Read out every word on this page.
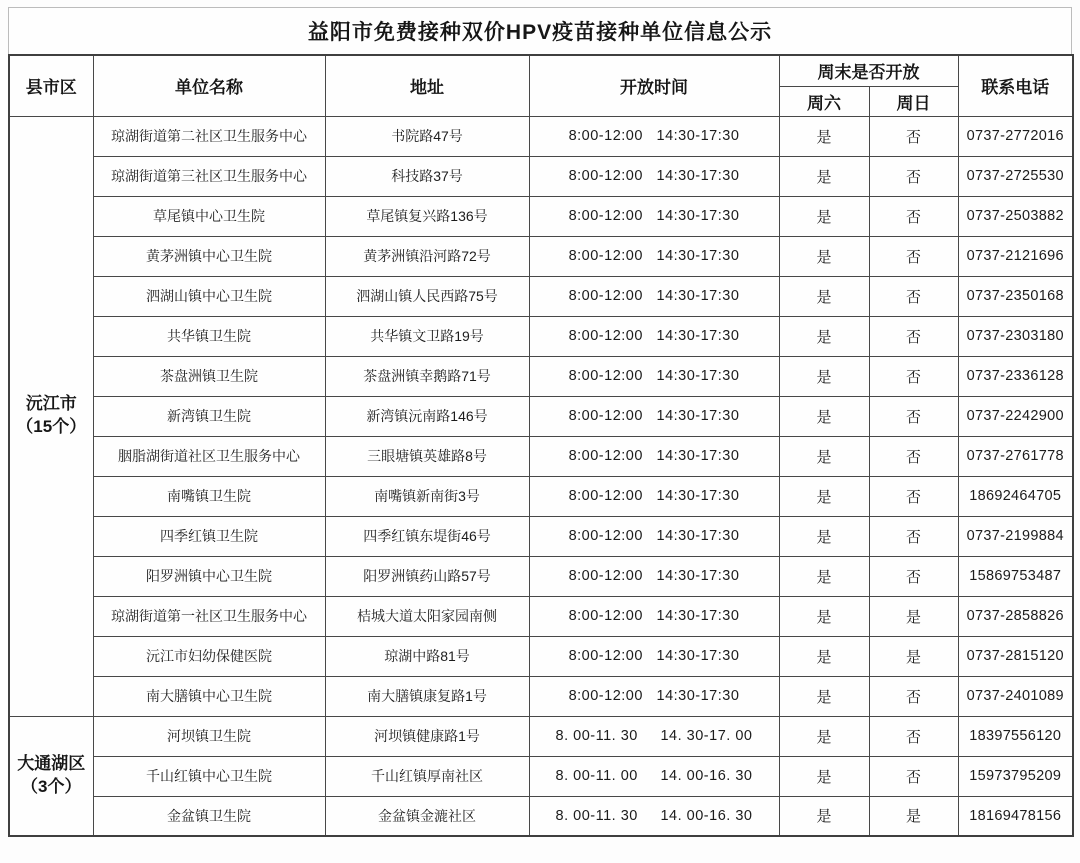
益阳市免费接种双价HPV疫苗接种单位信息公示
县市区	单位名称	地址	开放时间	周末是否开放		联系电话
				周六	周日	

沅江市
（15个）	琼湖街道第二社区卫生服务中心	书院路47号	8:00-12:00   14:30-17:30	是	否	0737-2772016
	琼湖街道第三社区卫生服务中心	科技路37号	8:00-12:00   14:30-17:30	是	否	0737-2725530
	草尾镇中心卫生院	草尾镇复兴路136号	8:00-12:00   14:30-17:30	是	否	0737-2503882
	黄茅洲镇中心卫生院	黄茅洲镇沿河路72号	8:00-12:00   14:30-17:30	是	否	0737-2121696
	泗湖山镇中心卫生院	泗湖山镇人民西路75号	8:00-12:00   14:30-17:30	是	否	0737-2350168
	共华镇卫生院	共华镇文卫路19号	8:00-12:00   14:30-17:30	是	否	0737-2303180
	茶盘洲镇卫生院	茶盘洲镇幸鹅路71号	8:00-12:00   14:30-17:30	是	否	0737-2336128
	新湾镇卫生院	新湾镇沅南路146号	8:00-12:00   14:30-17:30	是	否	0737-2242900
	胭脂湖街道社区卫生服务中心	三眼塘镇英雄路8号	8:00-12:00   14:30-17:30	是	否	0737-2761778
	南嘴镇卫生院	南嘴镇新南街3号	8:00-12:00   14:30-17:30	是	否	18692464705
	四季红镇卫生院	四季红镇东堤街46号	8:00-12:00   14:30-17:30	是	否	0737-2199884
	阳罗洲镇中心卫生院	阳罗洲镇药山路57号	8:00-12:00   14:30-17:30	是	否	15869753487
	琼湖街道第一社区卫生服务中心	桔城大道太阳家园南侧	8:00-12:00   14:30-17:30	是	是	0737-2858826
	沅江市妇幼保健医院	琼湖中路81号	8:00-12:00   14:30-17:30	是	是	0737-2815120
	南大膳镇中心卫生院	南大膳镇康复路1号	8:00-12:00   14:30-17:30	是	否	0737-2401089

大通湖区
（3个）	河坝镇卫生院	河坝镇健康路1号	8. 00-11. 30     14. 30-17. 00	是	否	18397556120
	千山红镇中心卫生院	千山红镇厚南社区	8. 00-11. 00     14. 00-16. 30	是	否	15973795209
	金盆镇卫生院	金盆镇金漉社区	8. 00-11. 30     14. 00-16. 30	是	是	18169478156
